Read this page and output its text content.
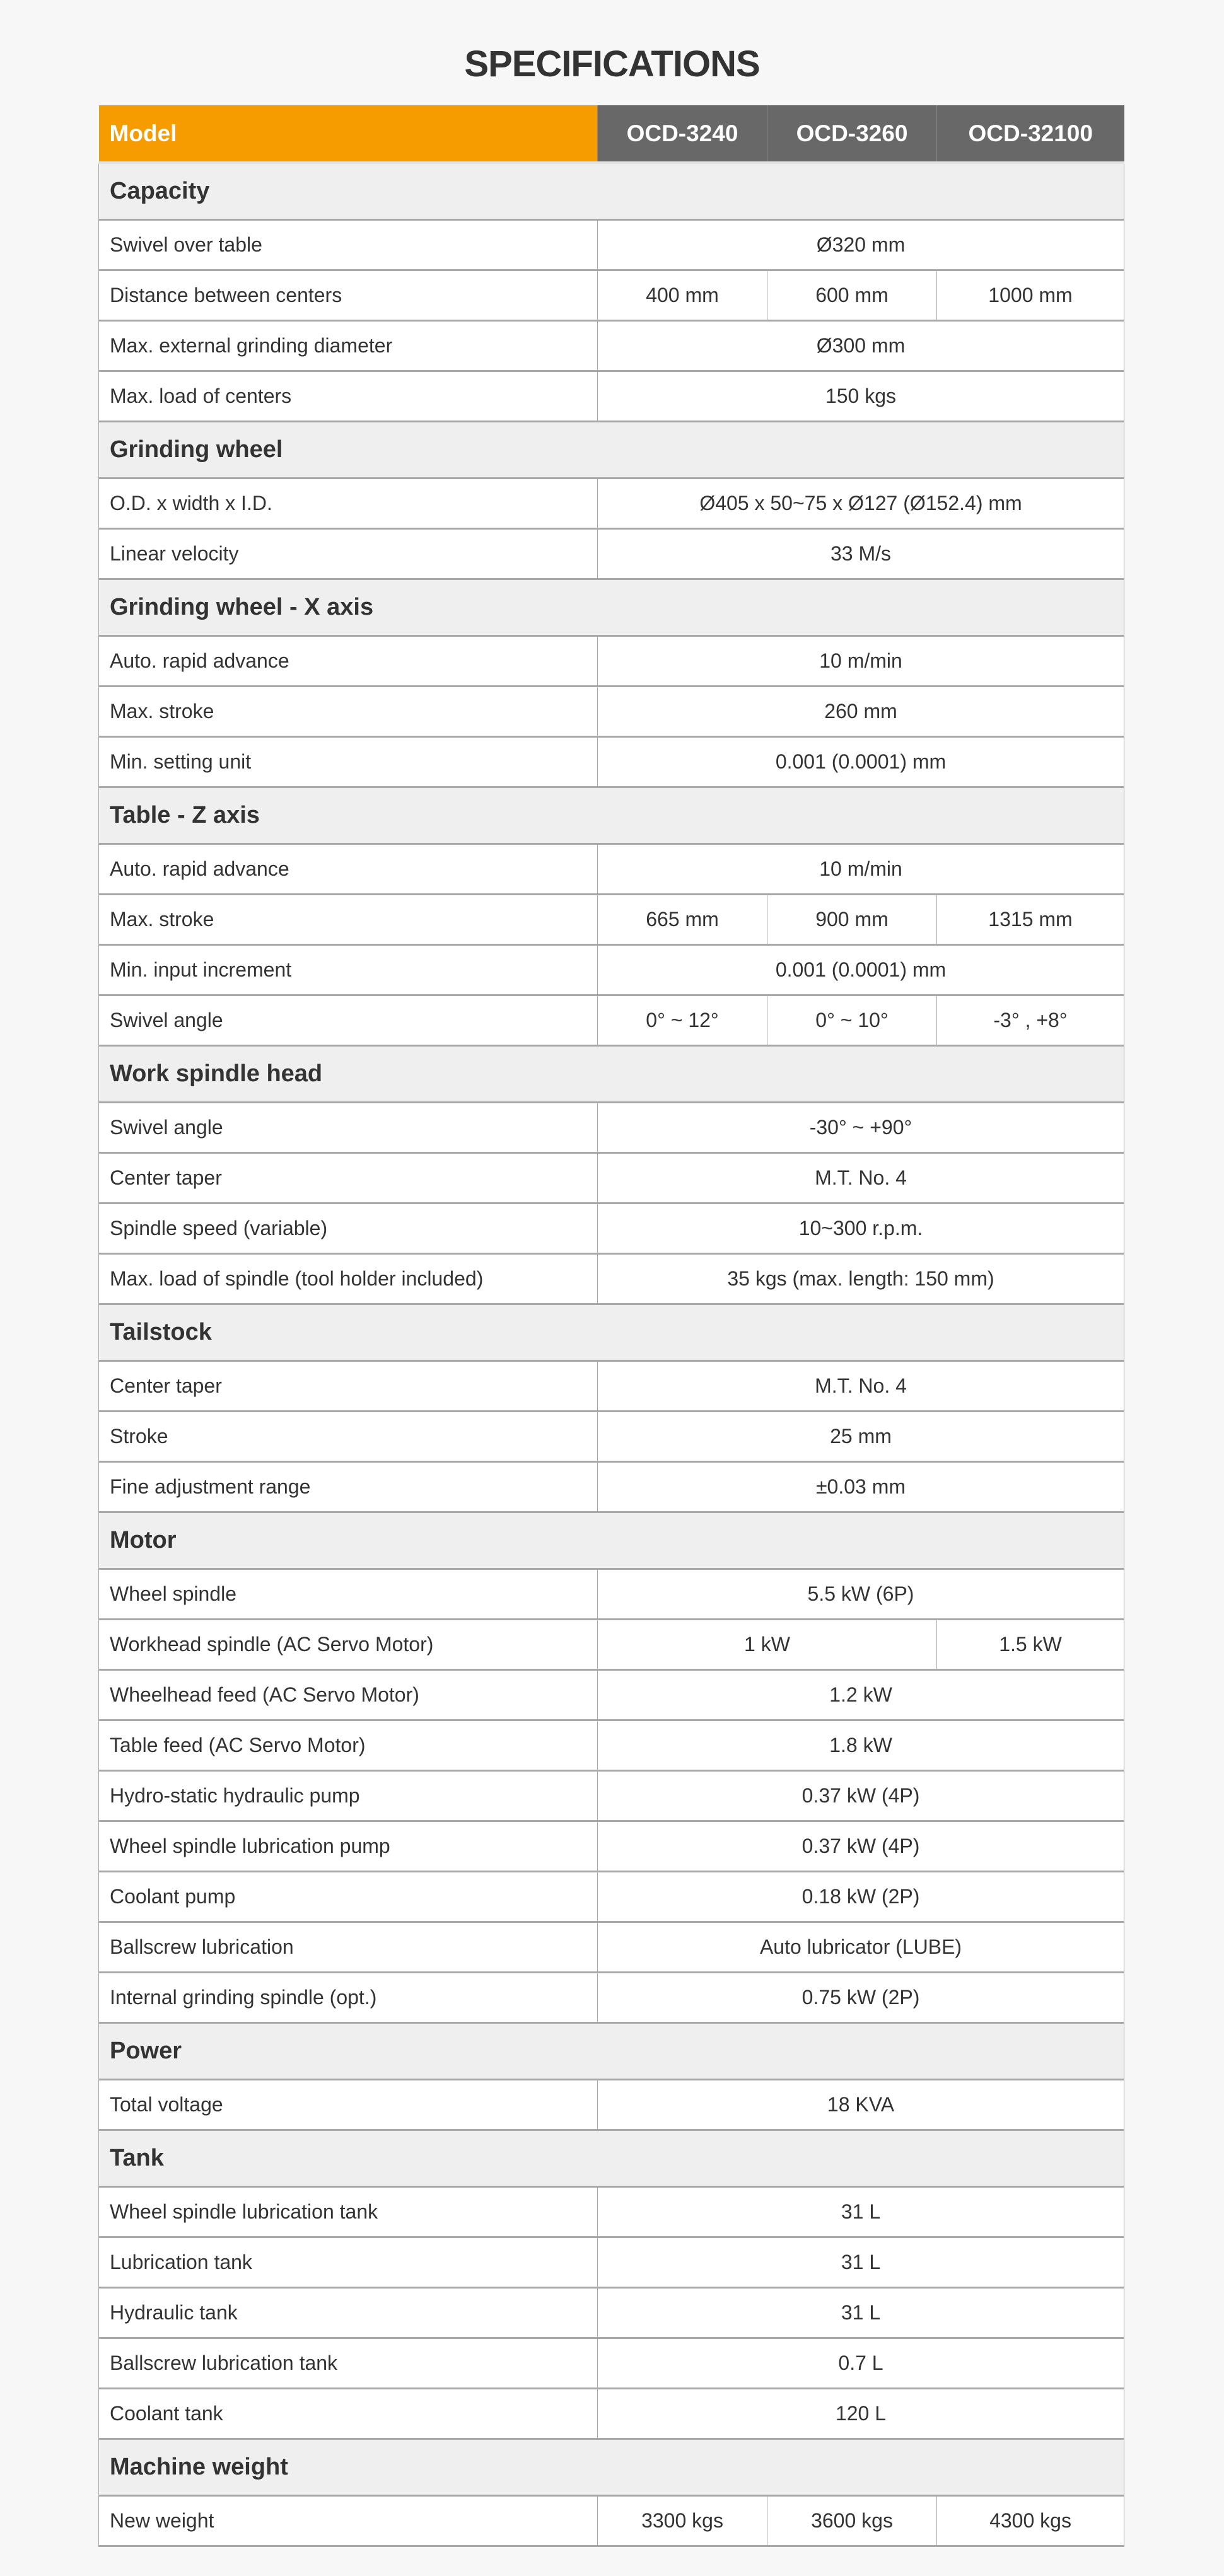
SPECIFICATIONS
Model	OCD-3240	OCD-3260	OCD-32100
Capacity			
Swivel over table	Ø320 mm		
Distance between centers	400 mm	600 mm	1000 mm
Max. external grinding diameter	Ø300 mm		
Max. load of centers	150 kgs		
Grinding wheel			
O.D. x width x I.D.	Ø405 x 50~75 x Ø127 (Ø152.4) mm		
Linear velocity	33 M/s		
Grinding wheel - X axis			
Auto. rapid advance	10 m/min		
Max. stroke	260 mm		
Min. setting unit	0.001 (0.0001) mm		
Table - Z axis			
Auto. rapid advance	10 m/min		
Max. stroke	665 mm	900 mm	1315 mm
Min. input increment	0.001 (0.0001) mm		
Swivel angle	0° ~ 12°	0° ~ 10°	-3° , +8°
Work spindle head			
Swivel angle	-30° ~ +90°		
Center taper	M.T. No. 4		
Spindle speed (variable)	10~300 r.p.m.		
Max. load of spindle (tool holder included)	35 kgs (max. length: 150 mm)		
Tailstock			
Center taper	M.T. No. 4		
Stroke	25 mm		
Fine adjustment range	±0.03 mm		
Motor			
Wheel spindle	5.5 kW (6P)		
Workhead spindle (AC Servo Motor)	1 kW		1.5 kW
Wheelhead feed (AC Servo Motor)	1.2 kW		
Table feed (AC Servo Motor)	1.8 kW		
Hydro-static hydraulic pump	0.37 kW (4P)		
Wheel spindle lubrication pump	0.37 kW (4P)		
Coolant pump	0.18 kW (2P)		
Ballscrew lubrication	Auto lubricator (LUBE)		
Internal grinding spindle (opt.)	0.75 kW (2P)		
Power			
Total voltage	18 KVA		
Tank			
Wheel spindle lubrication tank	31 L		
Lubrication tank	31 L		
Hydraulic tank	31 L		
Ballscrew lubrication tank	0.7 L		
Coolant tank	120 L		
Machine weight			
New weight	3300 kgs	3600 kgs	4300 kgs
